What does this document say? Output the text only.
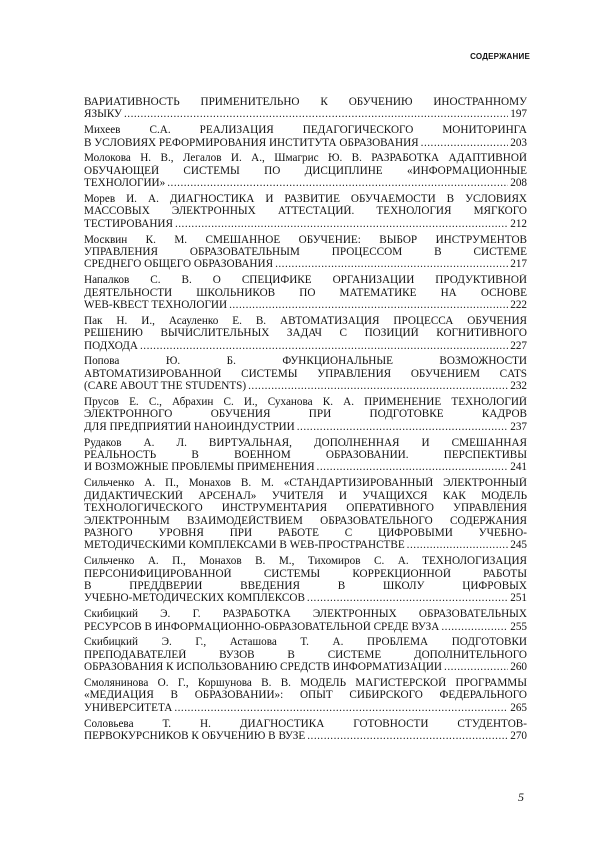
СОДЕРЖАНИЕ
ВАРИАТИВНОСТЬ ПРИМЕНИТЕЛЬНО К ОБУЧЕНИЮ ИНОСТРАННОМУ
ЯЗЫКУ .....	197
Михеев С.А. РЕАЛИЗАЦИЯ ПЕДАГОГИЧЕСКОГО МОНИТОРИНГА
В УСЛОВИЯХ РЕФОРМИРОВАНИЯ ИНСТИТУТА ОБРАЗОВАНИЯ .....	203
Молокова Н. В., Легалов И. А., Шмагрис Ю. В. РАЗРАБОТКА АДАПТИВНОЙ
ОБУЧАЮЩЕЙ СИСТЕМЫ ПО ДИСЦИПЛИНЕ «ИНФОРМАЦИОННЫЕ
ТЕХНОЛОГИИ» .....	208
Морев И. А. ДИАГНОСТИКА И РАЗВИТИЕ ОБУЧАЕМОСТИ В УСЛОВИЯХ
МАССОВЫХ ЭЛЕКТРОННЫХ АТТЕСТАЦИЙ. ТЕХНОЛОГИЯ МЯГКОГО
ТЕСТИРОВАНИЯ .....	212
Москвин К. М. СМЕШАННОЕ ОБУЧЕНИЕ: ВЫБОР ИНСТРУМЕНТОВ
УПРАВЛЕНИЯ ОБРАЗОВАТЕЛЬНЫМ ПРОЦЕССОМ В СИСТЕМЕ
СРЕДНЕГО ОБЩЕГО ОБРАЗОВАНИЯ .....	217
Напалков С. В. О СПЕЦИФИКЕ ОРГАНИЗАЦИИ ПРОДУКТИВНОЙ
ДЕЯТЕЛЬНОСТИ ШКОЛЬНИКОВ ПО МАТЕМАТИКЕ НА ОСНОВЕ
WEB-КВЕСТ ТЕХНОЛОГИИ .....	222
Пак Н. И., Асауленко Е. В. АВТОМАТИЗАЦИЯ ПРОЦЕССА ОБУЧЕНИЯ
РЕШЕНИЮ ВЫЧИСЛИТЕЛЬНЫХ ЗАДАЧ С ПОЗИЦИЙ КОГНИТИВНОГО
ПОДХОДА .....	227
Попова Ю. Б. ФУНКЦИОНАЛЬНЫЕ ВОЗМОЖНОСТИ
АВТОМАТИЗИРОВАННОЙ СИСТЕМЫ УПРАВЛЕНИЯ ОБУЧЕНИЕМ CATS
(CARE ABOUT THE STUDENTS) .....	232
Прусов Е. С., Абрахин С. И., Суханова К. А. ПРИМЕНЕНИЕ ТЕХНОЛОГИЙ
ЭЛЕКТРОННОГО ОБУЧЕНИЯ ПРИ ПОДГОТОВКЕ КАДРОВ
ДЛЯ ПРЕДПРИЯТИЙ НАНОИНДУСТРИИ .....	237
Рудаков А. Л. ВИРТУАЛЬНАЯ, ДОПОЛНЕННАЯ И СМЕШАННАЯ
РЕАЛЬНОСТЬ В ВОЕННОМ ОБРАЗОВАНИИ. ПЕРСПЕКТИВЫ
И ВОЗМОЖНЫЕ ПРОБЛЕМЫ ПРИМЕНЕНИЯ .....	241
Сильченко А. П., Монахов В. М. «СТАНДАРТИЗИРОВАННЫЙ ЭЛЕКТРОННЫЙ
ДИДАКТИЧЕСКИЙ АРСЕНАЛ» УЧИТЕЛЯ И УЧАЩИХСЯ КАК МОДЕЛЬ
ТЕХНОЛОГИЧЕСКОГО ИНСТРУМЕНТАРИЯ ОПЕРАТИВНОГО УПРАВЛЕНИЯ
ЭЛЕКТРОННЫМ ВЗАИМОДЕЙСТВИЕМ ОБРАЗОВАТЕЛЬНОГО СОДЕРЖАНИЯ
РАЗНОГО УРОВНЯ ПРИ РАБОТЕ С ЦИФРОВЫМИ УЧЕБНО-
МЕТОДИЧЕСКИМИ КОМПЛЕКСАМИ В WEB-ПРОСТРАНСТВЕ .....	245
Сильченко А. П., Монахов В. М., Тихомиров С. А. ТЕХНОЛОГИЗАЦИЯ
ПЕРСОНИФИЦИРОВАННОЙ СИСТЕМЫ КОРРЕКЦИОННОЙ РАБОТЫ
В ПРЕДДВЕРИИ ВВЕДЕНИЯ В ШКОЛУ ЦИФРОВЫХ
УЧЕБНО-МЕТОДИЧЕСКИХ КОМПЛЕКСОВ .....	251
Скибицкий Э. Г. РАЗРАБОТКА ЭЛЕКТРОННЫХ ОБРАЗОВАТЕЛЬНЫХ
РЕСУРСОВ В ИНФОРМАЦИОННО-ОБРАЗОВАТЕЛЬНОЙ СРЕДЕ ВУЗА .....	255
Скибицкий Э. Г., Асташова Т. А. ПРОБЛЕМА ПОДГОТОВКИ
ПРЕПОДАВАТЕЛЕЙ ВУЗОВ В СИСТЕМЕ ДОПОЛНИТЕЛЬНОГО
ОБРАЗОВАНИЯ К ИСПОЛЬЗОВАНИЮ СРЕДСТВ ИНФОРМАТИЗАЦИИ .....	260
Смолянинова О. Г., Коршунова В. В. МОДЕЛЬ МАГИСТЕРСКОЙ ПРОГРАММЫ
«МЕДИАЦИЯ В ОБРАЗОВАНИИ»: ОПЫТ СИБИРСКОГО ФЕДЕРАЛЬНОГО
УНИВЕРСИТЕТА .....	265
Соловьева Т. Н. ДИАГНОСТИКА ГОТОВНОСТИ СТУДЕНТОВ-
ПЕРВОКУРСНИКОВ К ОБУЧЕНИЮ В ВУЗЕ .....	270
5
